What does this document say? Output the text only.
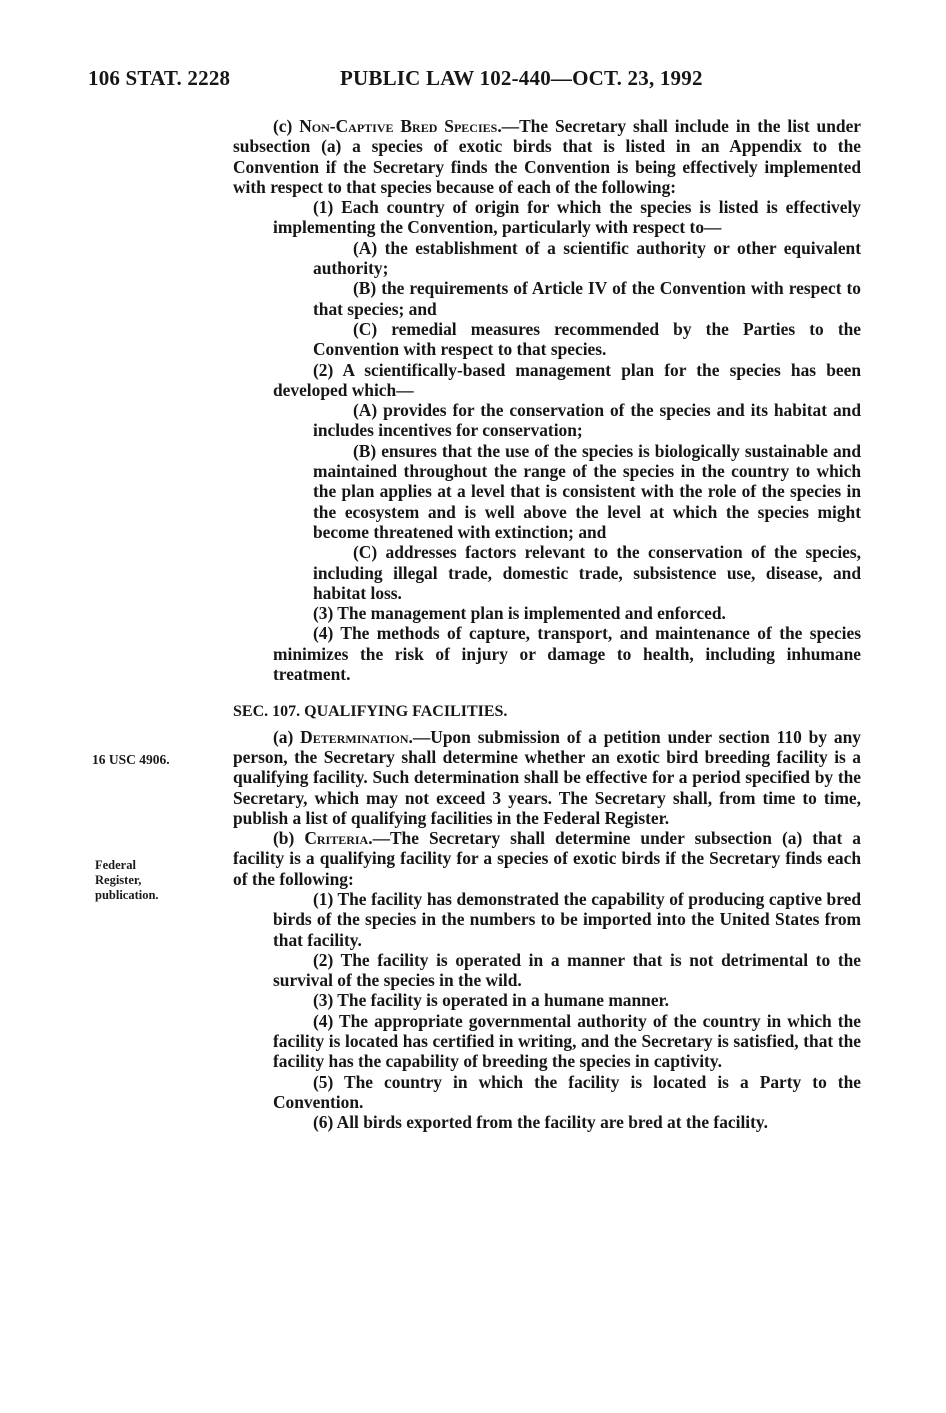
106 STAT. 2228	PUBLIC LAW 102-440—OCT. 23, 1992
16 USC 4906.
Federal
Register,
publication.

(c) Non-Captive Bred Species.—The Secretary shall include in the list under subsection (a) a species of exotic birds that is listed in an Appendix to the Convention if the Secretary finds the Convention is being effectively implemented with respect to that species because of each of the following:

(1) Each country of origin for which the species is listed is effectively implementing the Convention, particularly with respect to—

(A) the establishment of a scientific authority or other equivalent authority;

(B) the requirements of Article IV of the Convention with respect to that species; and

(C) remedial measures recommended by the Parties to the Convention with respect to that species.

(2) A scientifically-based management plan for the species has been developed which—

(A) provides for the conservation of the species and its habitat and includes incentives for conservation;

(B) ensures that the use of the species is biologically sustainable and maintained throughout the range of the species in the country to which the plan applies at a level that is consistent with the role of the species in the ecosystem and is well above the level at which the species might become threatened with extinction; and

(C) addresses factors relevant to the conservation of the species, including illegal trade, domestic trade, subsistence use, disease, and habitat loss.

(3) The management plan is implemented and enforced.

(4) The methods of capture, transport, and maintenance of the species minimizes the risk of injury or damage to health, including inhumane treatment.

SEC. 107. QUALIFYING FACILITIES.

(a) Determination.—Upon submission of a petition under section 110 by any person, the Secretary shall determine whether an exotic bird breeding facility is a qualifying facility. Such determination shall be effective for a period specified by the Secretary, which may not exceed 3 years. The Secretary shall, from time to time, publish a list of qualifying facilities in the Federal Register.

(b) Criteria.—The Secretary shall determine under subsection (a) that a facility is a qualifying facility for a species of exotic birds if the Secretary finds each of the following:

(1) The facility has demonstrated the capability of producing captive bred birds of the species in the numbers to be imported into the United States from that facility.

(2) The facility is operated in a manner that is not detrimental to the survival of the species in the wild.

(3) The facility is operated in a humane manner.

(4) The appropriate governmental authority of the country in which the facility is located has certified in writing, and the Secretary is satisfied, that the facility has the capability of breeding the species in captivity.

(5) The country in which the facility is located is a Party to the Convention.

(6) All birds exported from the facility are bred at the facility.
